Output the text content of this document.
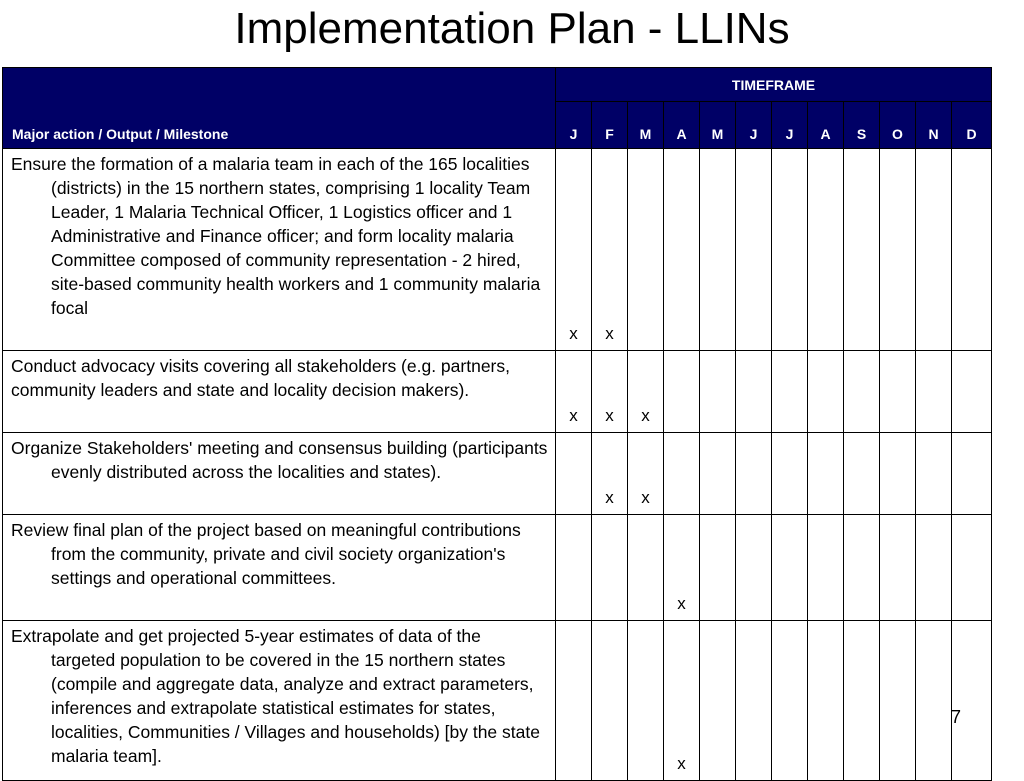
Implementation Plan - LLINs
Major action / Output / Milestone	TIMEFRAME											
	J	F	M	A	M	J	J	A	S	O	N	D

Ensure the formation of a malaria team in each of the 165 localities (districts) in the 15 northern states, comprising 1 locality Team Leader, 1 Malaria Technical Officer, 1 Logistics officer and 1 Administrative and Finance officer; and form locality malaria Committee composed of community representation - 2 hired, site-based community health workers and 1 community malaria focal	x	x										

Conduct advocacy visits covering all stakeholders (e.g. partners, community leaders and state and locality decision makers).	x	x	x									

Organize Stakeholders' meeting and consensus building (participants evenly distributed across the localities and states).		x	x									

Review final plan of the project based on meaningful contributions from the community, private and civil society organization's settings and operational committees.				x								

Extrapolate and get projected 5-year estimates of data of the targeted population to be covered in the 15 northern states (compile and aggregate data, analyze and extract parameters, inferences and extrapolate statistical estimates for states, localities, Communities / Villages and households) [by the state malaria team].				x								
7
